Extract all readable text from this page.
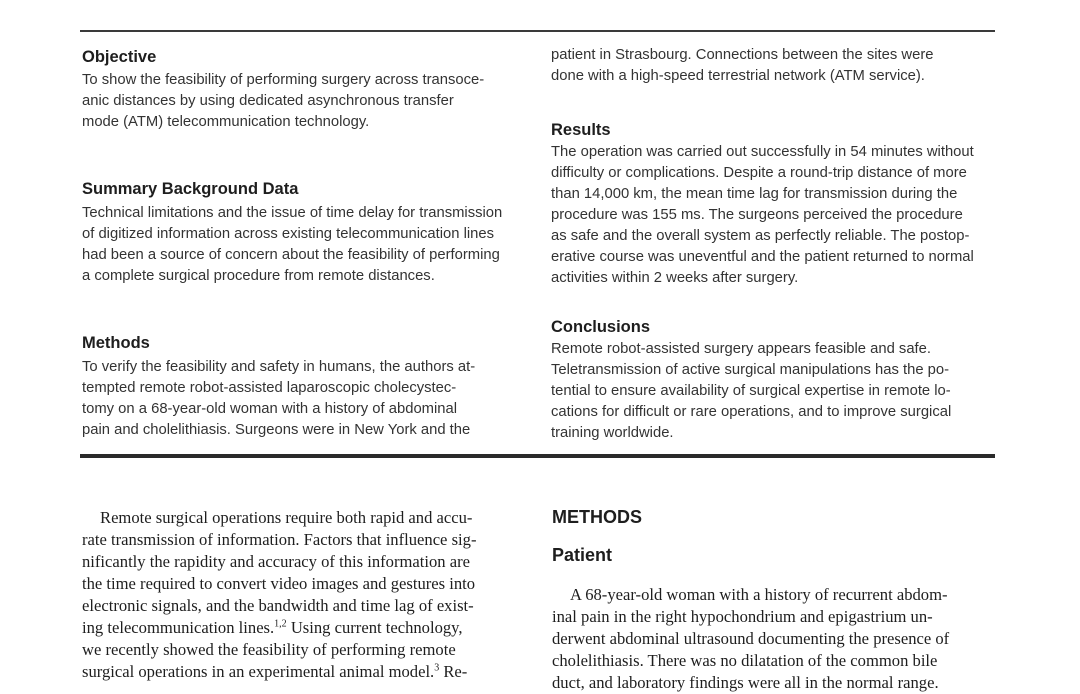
Objective
To show the feasibility of performing surgery across transoce-
anic distances by using dedicated asynchronous transfer
mode (ATM) telecommunication technology.
Summary Background Data
Technical limitations and the issue of time delay for transmission
of digitized information across existing telecommunication lines
had been a source of concern about the feasibility of performing
a complete surgical procedure from remote distances.
Methods
To verify the feasibility and safety in humans, the authors at-
tempted remote robot-assisted laparoscopic cholecystec-
tomy on a 68-year-old woman with a history of abdominal
pain and cholelithiasis. Surgeons were in New York and the
patient in Strasbourg. Connections between the sites were
done with a high-speed terrestrial network (ATM service).
Results
The operation was carried out successfully in 54 minutes without
difficulty or complications. Despite a round-trip distance of more
than 14,000 km, the mean time lag for transmission during the
procedure was 155 ms. The surgeons perceived the procedure
as safe and the overall system as perfectly reliable. The postop-
erative course was uneventful and the patient returned to normal
activities within 2 weeks after surgery.
Conclusions
Remote robot-assisted surgery appears feasible and safe.
Teletransmission of active surgical manipulations has the po-
tential to ensure availability of surgical expertise in remote lo-
cations for difficult or rare operations, and to improve surgical
training worldwide.
Remote surgical operations require both rapid and accu-
rate transmission of information. Factors that influence sig-
nificantly the rapidity and accuracy of this information are
the time required to convert video images and gestures into
electronic signals, and the bandwidth and time lag of exist-
ing telecommunication lines.$^{1,2}$ Using current technology,
we recently showed the feasibility of performing remote
surgical operations in an experimental animal model.$^3$ Re-
METHODS
Patient
A 68-year-old woman with a history of recurrent abdom-
inal pain in the right hypochondrium and epigastrium un-
derwent abdominal ultrasound documenting the presence of
cholelithiasis. There was no dilatation of the common bile
duct, and laboratory findings were all in the normal range.
